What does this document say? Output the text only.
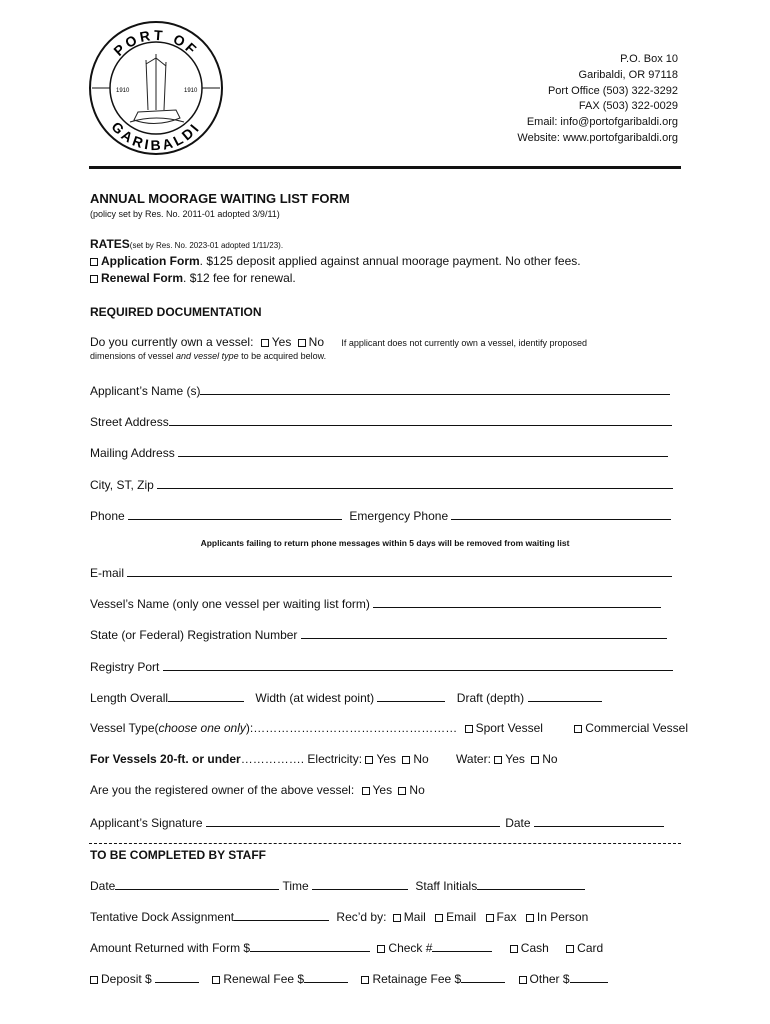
1910	1910
PORT OF
GARIBALDI
P.O. Box 10
Garibaldi, OR 97118
Port Office (503) 322-3292
FAX (503) 322-0029
Email: info@portofgaribaldi.org
Website: www.portofgaribaldi.org
ANNUAL MOORAGE WAITING LIST FORM
(policy set by Res. No. 2011-01 adopted 3/9/11)
RATES(set by Res. No. 2023-01 adopted 1/11/23).
Application Form. $125 deposit applied against annual moorage payment. No other fees.
Renewal Form. $12 fee for renewal.
REQUIRED DOCUMENTATION
Do you currently own a vessel: Yes No If applicant does not currently own a vessel, identify proposed
dimensions of vessel and vessel type to be acquired below.
Applicant’s Name (s)
Street Address
Mailing Address
City, ST, Zip
Phone	Emergency Phone
Applicants failing to return phone messages within 5 days will be removed from waiting list
E-mail
Vessel’s Name (only one vessel per waiting list form)
State (or Federal) Registration Number
Registry Port
Length Overall	Width (at widest point)	Draft (depth)
Vessel Type(choose one only):…………………………………………… Sport Vessel	Commercial Vessel
For Vessels 20-ft. or under……………. Electricity: Yes No Water: Yes No
Are you the registered owner of the above vessel: Yes No
Applicant’s Signature	Date
TO BE COMPLETED BY STAFF
Date	Time	Staff Initials
Tentative Dock Assignment	Rec’d by: Mail Email Fax In Person
Amount Returned with Form $	Check #	Cash Card
Deposit $	Renewal Fee $	Retainage Fee $	Other $
